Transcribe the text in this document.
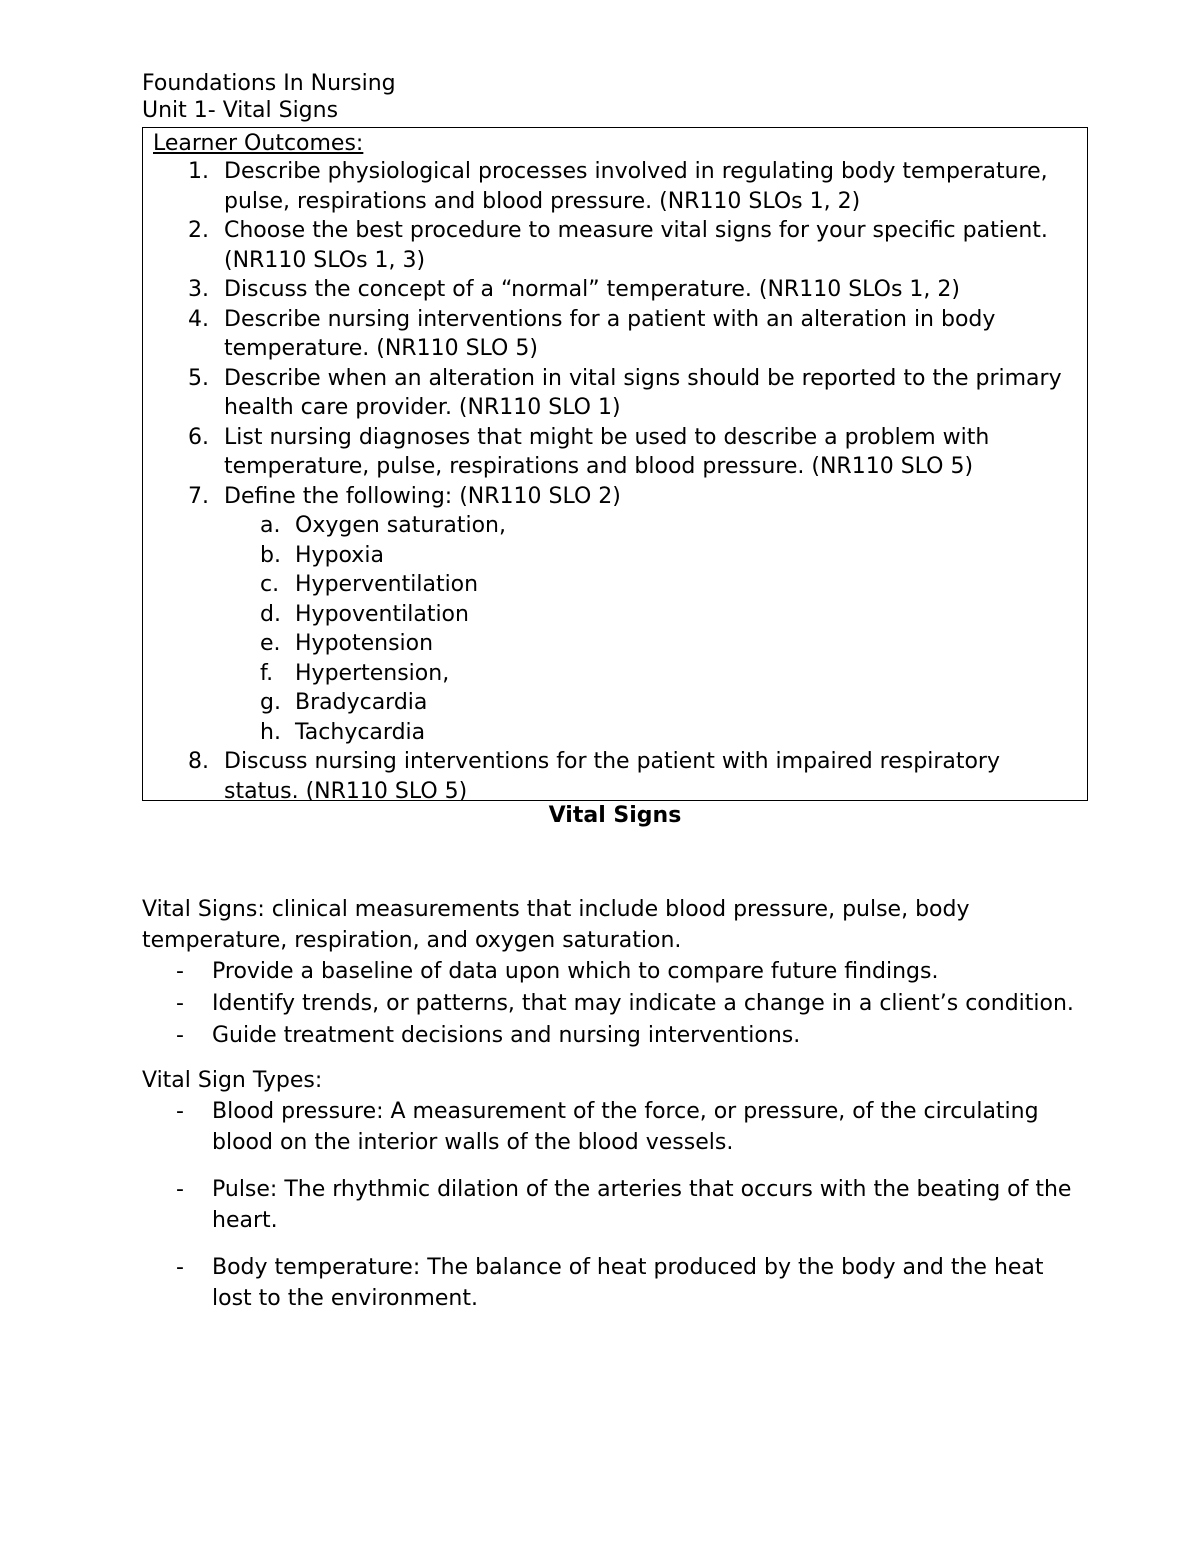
Foundations In Nursing

Unit 1- Vital Signs

Learner Outcomes:

1. Describe physiological processes involved in regulating body temperature, pulse, respirations and blood pressure. (NR110 SLOs 1, 2)
2. Choose the best procedure to measure vital signs for your specific patient. (NR110 SLOs 1, 3)
3. Discuss the concept of a “normal” temperature. (NR110 SLOs 1, 2)
4. Describe nursing interventions for a patient with an alteration in body temperature. (NR110 SLO 5)
5. Describe when an alteration in vital signs should be reported to the primary health care provider. (NR110 SLO 1)
6. List nursing diagnoses that might be used to describe a problem with temperature, pulse, respirations and blood pressure. (NR110 SLO 5)
7. Define the following: (NR110 SLO 2)
a. Oxygen saturation,
b. Hypoxia
c. Hyperventilation
d. Hypoventilation
e. Hypotension
f. Hypertension,
g. Bradycardia
h. Tachycardia
8. Discuss nursing interventions for the patient with impaired respiratory status. (NR110 SLO 5)

Vital Signs

Vital Signs: clinical measurements that include blood pressure, pulse, body temperature, respiration, and oxygen saturation.

- Provide a baseline of data upon which to compare future findings.
- Identify trends, or patterns, that may indicate a change in a client’s condition.
- Guide treatment decisions and nursing interventions.

Vital Sign Types:

- Blood pressure: A measurement of the force, or pressure, of the circulating blood on the interior walls of the blood vessels.
- Pulse: The rhythmic dilation of the arteries that occurs with the beating of the heart.
- Body temperature: The balance of heat produced by the body and the heat lost to the environment.
